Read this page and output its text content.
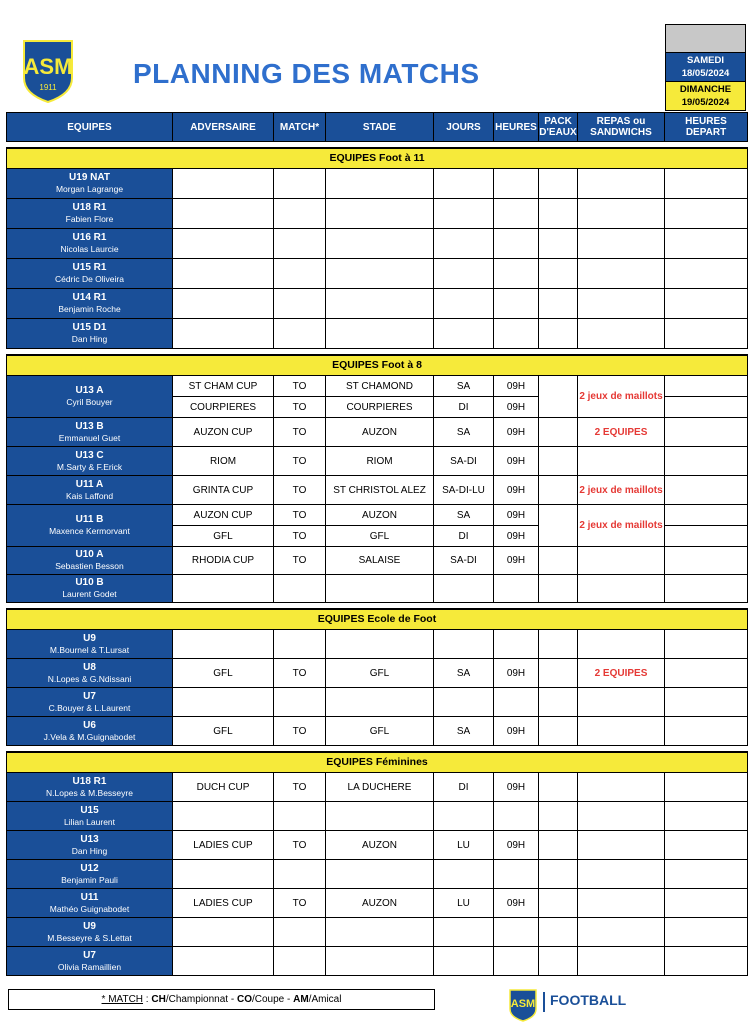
ASM
1911	PLANNING DES MATCHS	SAMEDI
18/05/2024
DIMANCHE
19/05/2024
EQUIPES	ADVERSAIRE	MATCH*	STADE	JOURS	HEURES	PACK D'EAUX	REPAS ou SANDWICHS	HEURES DEPART

EQUIPES Foot à 11								
U19 NAT
Morgan Lagrange								

U18 R1
Fabien Flore								

U16 R1
Nicolas Laurcie								

U15 R1
Cédric De Oliveira								

U14 R1
Benjamin Roche								

U15 D1
Dan Hing								

EQUIPES Foot à 8								
U13 A
Cyril Bouyer	ST CHAM CUP	TO	ST CHAMOND	SA	09H		2 jeux de maillots	
	COURPIERES	TO	COURPIERES	DI	09H			
U13 B
Emmanuel Guet	AUZON CUP	TO	AUZON	SA	09H		2 EQUIPES	
U13 C
M.Sarty & F.Erick	RIOM	TO	RIOM	SA-DI	09H			
U11 A
Kais Laffond	GRINTA CUP	TO	ST CHRISTOL ALEZ	SA-DI-LU	09H		2 jeux de maillots	
U11 B
Maxence Kermorvant	AUZON CUP	TO	AUZON	SA	09H		2 jeux de maillots	
	GFL	TO	GFL	DI	09H			
U10 A
Sebastien Besson	RHODIA CUP	TO	SALAISE	SA-DI	09H			
U10 B
Laurent Godet								

EQUIPES Ecole de Foot								
U9
M.Bournel & T.Lursat								

U8
N.Lopes & G.Ndissani	GFL	TO	GFL	SA	09H		2 EQUIPES	
U7
C.Bouyer & L.Laurent								

U6
J.Vela & M.Guignabodet	GFL	TO	GFL	SA	09H			

EQUIPES Féminines								
U18 R1
N.Lopes & M.Besseyre	DUCH CUP	TO	LA DUCHERE	DI	09H			
U15
Lilian Laurent								

U13
Dan Hing	LADIES CUP	TO	AUZON	LU	09H			
U12
Benjamin Pauli								

U11
Mathéo Guignabodet	LADIES CUP	TO	AUZON	LU	09H			
U9
M.Besseyre & S.Lettat								

U7
Olivia Ramaillien								

* MATCH : CH/Championnat - CO/Coupe - AM/Amical	ASM FOOTBALL
